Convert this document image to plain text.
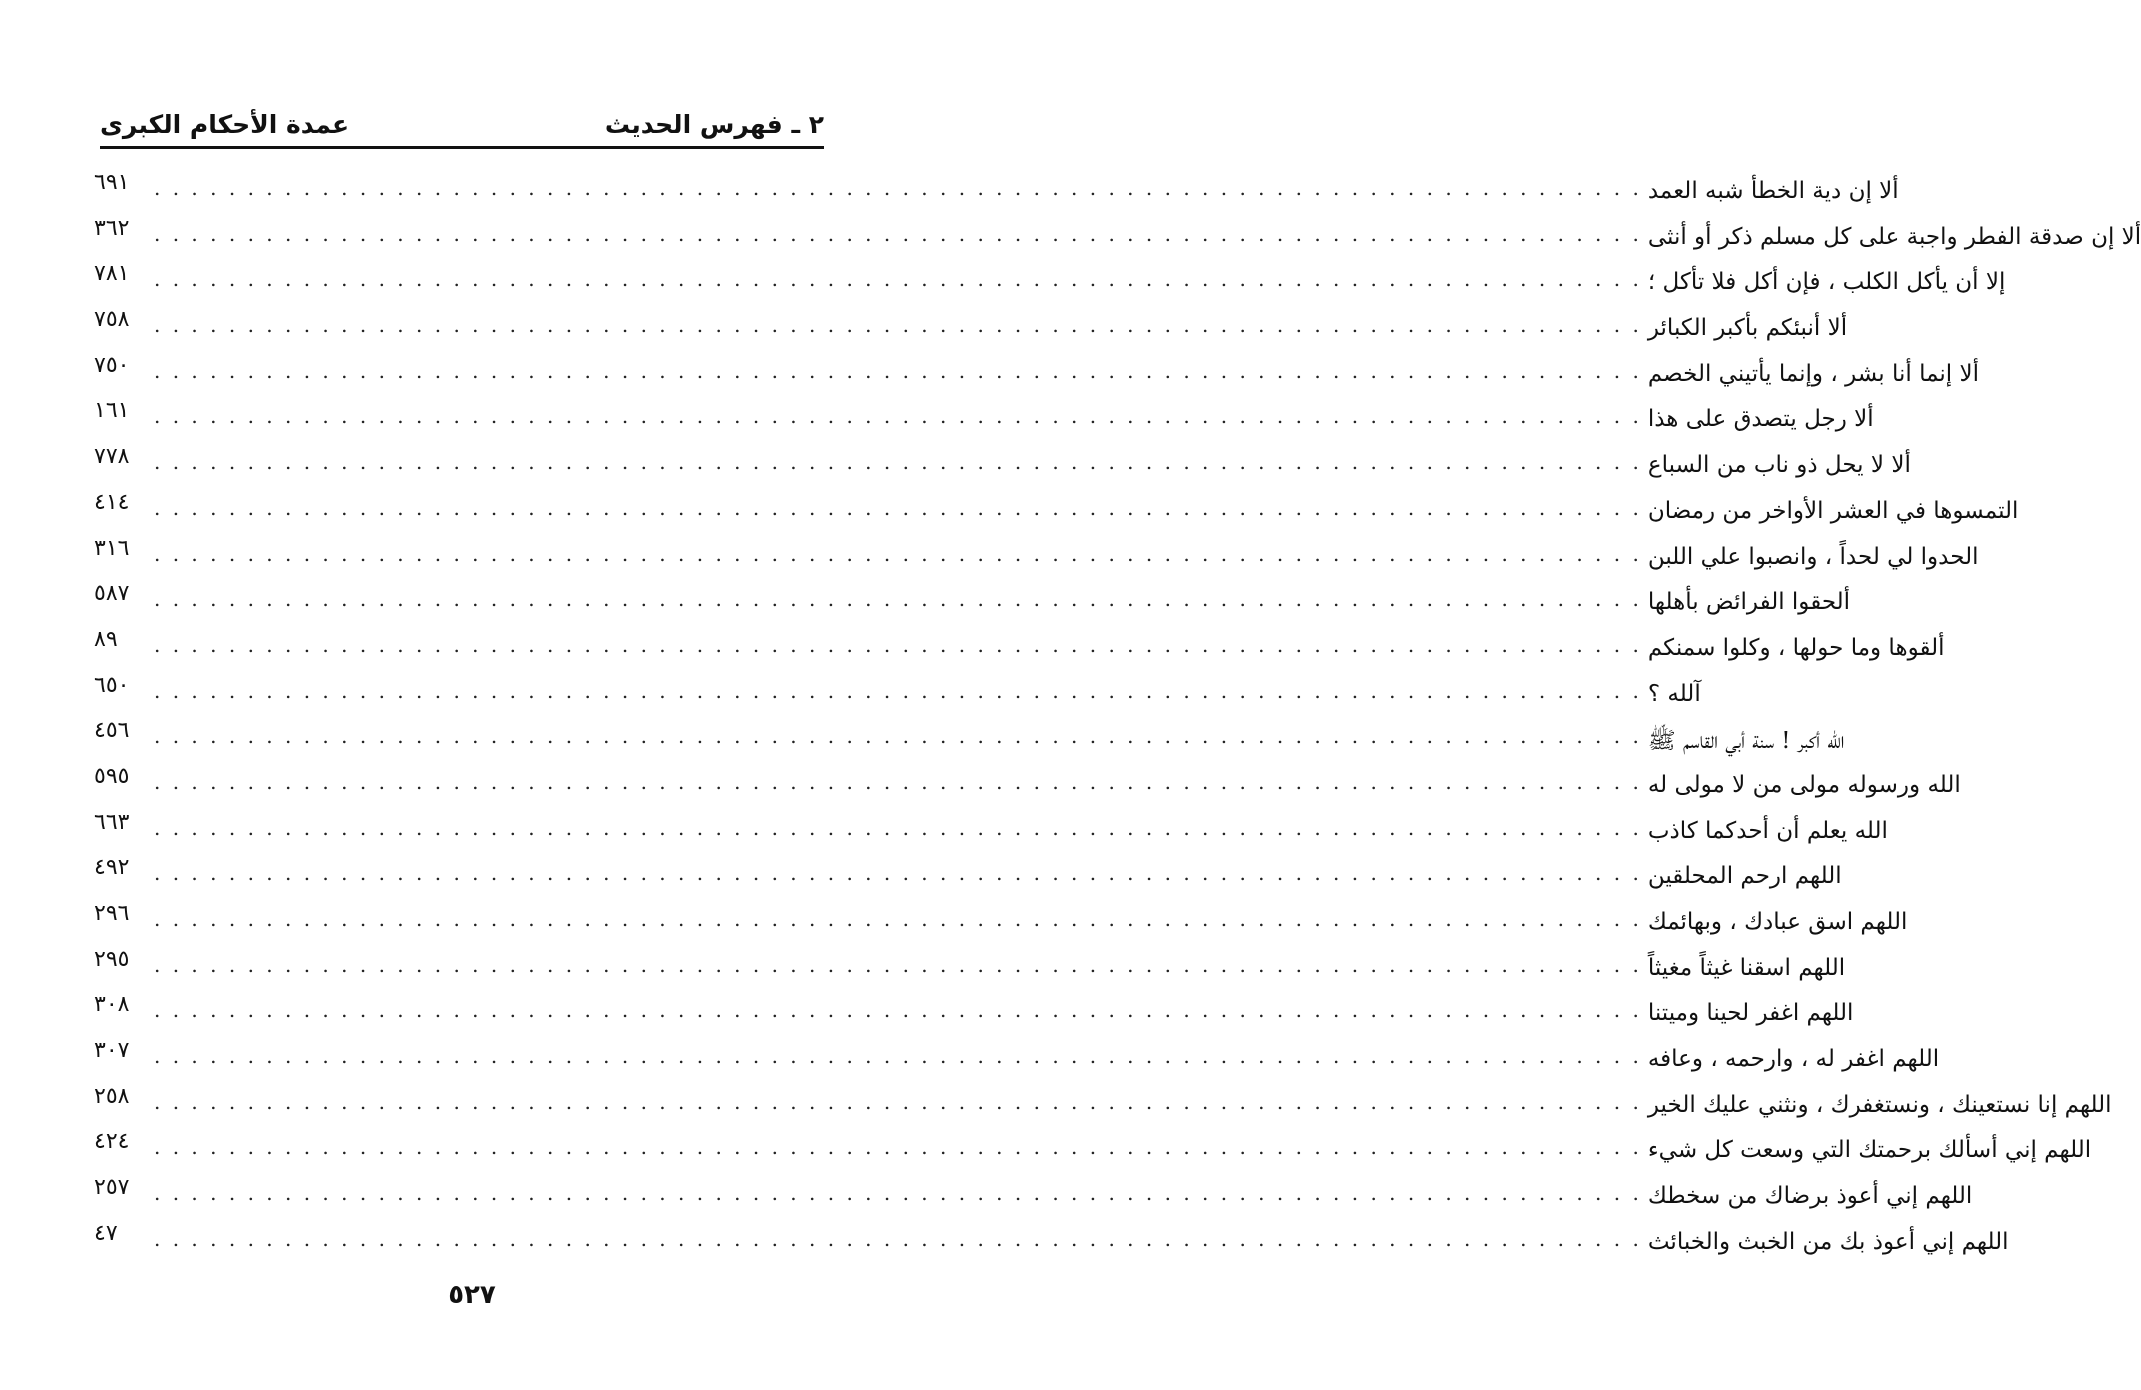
عمدة الأحكام الكبرى	٢ ـ فهرس الحديث
٦٩١	. . . . . . . . . . . . . . . . . . . . . . . . . . . . . . . . . . . . . . . . . . . . . . . . . . . . . . . . . . . . . . . . . . . . . . . . . . . . . . . . ألا إن دية الخطأ شبه العمد
٣٦٢	. . . . . . . . . . . . . . . . . . . . . . . . . . . . . . . . . . . . . . . . . . . . . . . . . . . . . . . . . . . . . . . . . . . . . . . . . . . . . . . . ألا إن صدقة الفطر واجبة على كل مسلم ذكر أو أنثى
٧٨١	. . . . . . . . . . . . . . . . . . . . . . . . . . . . . . . . . . . . . . . . . . . . . . . . . . . . . . . . . . . . . . . . . . . . . . . . . . . . . . . . إلا أن يأكل الكلب ، فإن أكل فلا تأكل ؛
٧٥٨	. . . . . . . . . . . . . . . . . . . . . . . . . . . . . . . . . . . . . . . . . . . . . . . . . . . . . . . . . . . . . . . . . . . . . . . . . . . . . . . . ألا أنبئكم بأكبر الكبائر
٧٥٠	. . . . . . . . . . . . . . . . . . . . . . . . . . . . . . . . . . . . . . . . . . . . . . . . . . . . . . . . . . . . . . . . . . . . . . . . . . . . . . . . ألا إنما أنا بشر ، وإنما يأتيني الخصم
١٦١	. . . . . . . . . . . . . . . . . . . . . . . . . . . . . . . . . . . . . . . . . . . . . . . . . . . . . . . . . . . . . . . . . . . . . . . . . . . . . . . . ألا رجل يتصدق على هذا
٧٧٨	. . . . . . . . . . . . . . . . . . . . . . . . . . . . . . . . . . . . . . . . . . . . . . . . . . . . . . . . . . . . . . . . . . . . . . . . . . . . . . . . ألا لا يحل ذو ناب من السباع
٤١٤	. . . . . . . . . . . . . . . . . . . . . . . . . . . . . . . . . . . . . . . . . . . . . . . . . . . . . . . . . . . . . . . . . . . . . . . . . . . . . . . . التمسوها في العشر الأواخر من رمضان
٣١٦	. . . . . . . . . . . . . . . . . . . . . . . . . . . . . . . . . . . . . . . . . . . . . . . . . . . . . . . . . . . . . . . . . . . . . . . . . . . . . . . . الحدوا لي لحداً ، وانصبوا علي اللبن
٥٨٧	. . . . . . . . . . . . . . . . . . . . . . . . . . . . . . . . . . . . . . . . . . . . . . . . . . . . . . . . . . . . . . . . . . . . . . . . . . . . . . . . ألحقوا الفرائض بأهلها
٨٩	. . . . . . . . . . . . . . . . . . . . . . . . . . . . . . . . . . . . . . . . . . . . . . . . . . . . . . . . . . . . . . . . . . . . . . . . . . . . . . . . ألقوها وما حولها ، وكلوا سمنكم
٦٥٠	. . . . . . . . . . . . . . . . . . . . . . . . . . . . . . . . . . . . . . . . . . . . . . . . . . . . . . . . . . . . . . . . . . . . . . . . . . . . . . . . آلله ؟
٤٥٦	. . . . . . . . . . . . . . . . . . . . . . . . . . . . . . . . . . . . . . . . . . . . . . . . . . . . . . . . . . . . . . . . . . . . . . . . . . . . . . . . الله أكبر ! سنة أبي القاسم ﷺ
٥٩٥	. . . . . . . . . . . . . . . . . . . . . . . . . . . . . . . . . . . . . . . . . . . . . . . . . . . . . . . . . . . . . . . . . . . . . . . . . . . . . . . . الله ورسوله مولى من لا مولى له
٦٦٣	. . . . . . . . . . . . . . . . . . . . . . . . . . . . . . . . . . . . . . . . . . . . . . . . . . . . . . . . . . . . . . . . . . . . . . . . . . . . . . . . الله يعلم أن أحدكما كاذب
٤٩٢	. . . . . . . . . . . . . . . . . . . . . . . . . . . . . . . . . . . . . . . . . . . . . . . . . . . . . . . . . . . . . . . . . . . . . . . . . . . . . . . . اللهم ارحم المحلقين
٢٩٦	. . . . . . . . . . . . . . . . . . . . . . . . . . . . . . . . . . . . . . . . . . . . . . . . . . . . . . . . . . . . . . . . . . . . . . . . . . . . . . . . اللهم اسق عبادك ، وبهائمك
٢٩٥	. . . . . . . . . . . . . . . . . . . . . . . . . . . . . . . . . . . . . . . . . . . . . . . . . . . . . . . . . . . . . . . . . . . . . . . . . . . . . . . . اللهم اسقنا غيثاً مغيثاً
٣٠٨	. . . . . . . . . . . . . . . . . . . . . . . . . . . . . . . . . . . . . . . . . . . . . . . . . . . . . . . . . . . . . . . . . . . . . . . . . . . . . . . . اللهم اغفر لحينا وميتنا
٣٠٧	. . . . . . . . . . . . . . . . . . . . . . . . . . . . . . . . . . . . . . . . . . . . . . . . . . . . . . . . . . . . . . . . . . . . . . . . . . . . . . . . اللهم اغفر له ، وارحمه ، وعافه
٢٥٨	. . . . . . . . . . . . . . . . . . . . . . . . . . . . . . . . . . . . . . . . . . . . . . . . . . . . . . . . . . . . . . . . . . . . . . . . . . . . . . . . اللهم إنا نستعينك ، ونستغفرك ، ونثني عليك الخير
٤٢٤	. . . . . . . . . . . . . . . . . . . . . . . . . . . . . . . . . . . . . . . . . . . . . . . . . . . . . . . . . . . . . . . . . . . . . . . . . . . . . . . . اللهم إني أسألك برحمتك التي وسعت كل شيء
٢٥٧	. . . . . . . . . . . . . . . . . . . . . . . . . . . . . . . . . . . . . . . . . . . . . . . . . . . . . . . . . . . . . . . . . . . . . . . . . . . . . . . . اللهم إني أعوذ برضاك من سخطك
٤٧	. . . . . . . . . . . . . . . . . . . . . . . . . . . . . . . . . . . . . . . . . . . . . . . . . . . . . . . . . . . . . . . . . . . . . . . . . . . . . . . . اللهم إني أعوذ بك من الخبث والخبائث
٥٢٧
